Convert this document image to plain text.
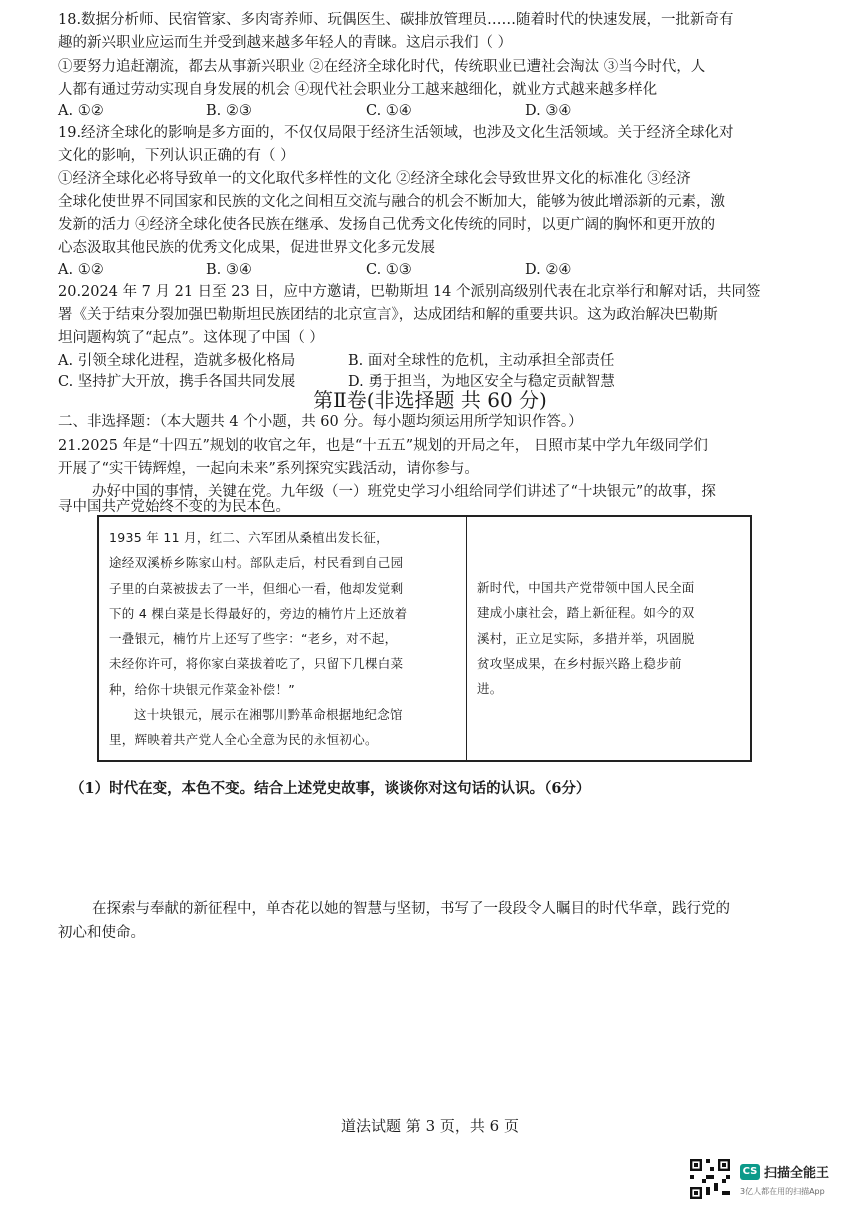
18.数据分析师、民宿管家、多肉寄养师、玩偶医生、碳排放管理员……随着时代的快速发展，一批新奇有
趣的新兴职业应运而生并受到越来越多年轻人的青睐。这启示我们（ ）
①要努力追赶潮流，都去从事新兴职业 ②在经济全球化时代，传统职业已遭社会淘汰 ③当今时代，人
人都有通过劳动实现自身发展的机会 ④现代社会职业分工越来越细化，就业方式越来越多样化
A. ①②	B. ②③	C. ①④	D. ③④
19.经济全球化的影响是多方面的，不仅仅局限于经济生活领域，也涉及文化生活领域。关于经济全球化对
文化的影响，下列认识正确的有（ ）
①经济全球化必将导致单一的文化取代多样性的文化 ②经济全球化会导致世界文化的标准化 ③经济
全球化使世界不同国家和民族的文化之间相互交流与融合的机会不断加大，能够为彼此增添新的元素，激
发新的活力 ④经济全球化使各民族在继承、发扬自己优秀文化传统的同时，以更广阔的胸怀和更开放的
心态汲取其他民族的优秀文化成果，促进世界文化多元发展
A. ①②	B. ③④	C. ①③	D. ②④
20.2024 年 7 月 21 日至 23 日，应中方邀请，巴勒斯坦 14 个派别高级别代表在北京举行和解对话，共同签
署《关于结束分裂加强巴勒斯坦民族团结的北京宣言》，达成团结和解的重要共识。这为政治解决巴勒斯
坦问题构筑了“起点”。这体现了中国（ ）
A. 引领全球化进程，造就多极化格局	B. 面对全球性的危机，主动承担全部责任
C. 坚持扩大开放，携手各国共同发展	D. 勇于担当，为地区安全与稳定贡献智慧
第Ⅱ卷(非选择题 共 60 分)
二、非选择题：（本大题共 4 个小题，共 60 分。每小题均须运用所学知识作答。）
21.2025 年是“十四五”规划的收官之年，也是“十五五”规划的开局之年， 日照市某中学九年级同学们
开展了“实干铸辉煌，一起向未来”系列探究实践活动，请你参与。
办好中国的事情，关键在党。九年级（一）班党史学习小组给同学们讲述了“十块银元”的故事，探
寻中国共产党始终不变的为民本色。
1935 年 11 月，红二、六军团从桑植出发长征，
途经双溪桥乡陈家山村。部队走后，村民看到自己园
子里的白菜被拔去了一半，但细心一看，他却发觉剩
下的 4 棵白菜是长得最好的，旁边的楠竹片上还放着
一叠银元，楠竹片上还写了些字：“老乡，对不起，
未经你许可，将你家白菜拔着吃了，只留下几棵白菜
种，给你十块银元作菜金补偿！”
这十块银元，展示在湘鄂川黔革命根据地纪念馆
里，辉映着共产党人全心全意为民的永恒初心。
新时代，中国共产党带领中国人民全面
建成小康社会，踏上新征程。如今的双
溪村，正立足实际，多措并举，巩固脱
贫攻坚成果，在乡村振兴路上稳步前
进。
（1）时代在变，本色不变。结合上述党史故事，谈谈你对这句话的认识。（6分）
在探索与奉献的新征程中，单杏花以她的智慧与坚韧，书写了一段段令人瞩目的时代华章，践行党的
初心和使命。
道法试题 第 3 页，共 6 页
CS 扫描全能王
3亿人都在用的扫描App
